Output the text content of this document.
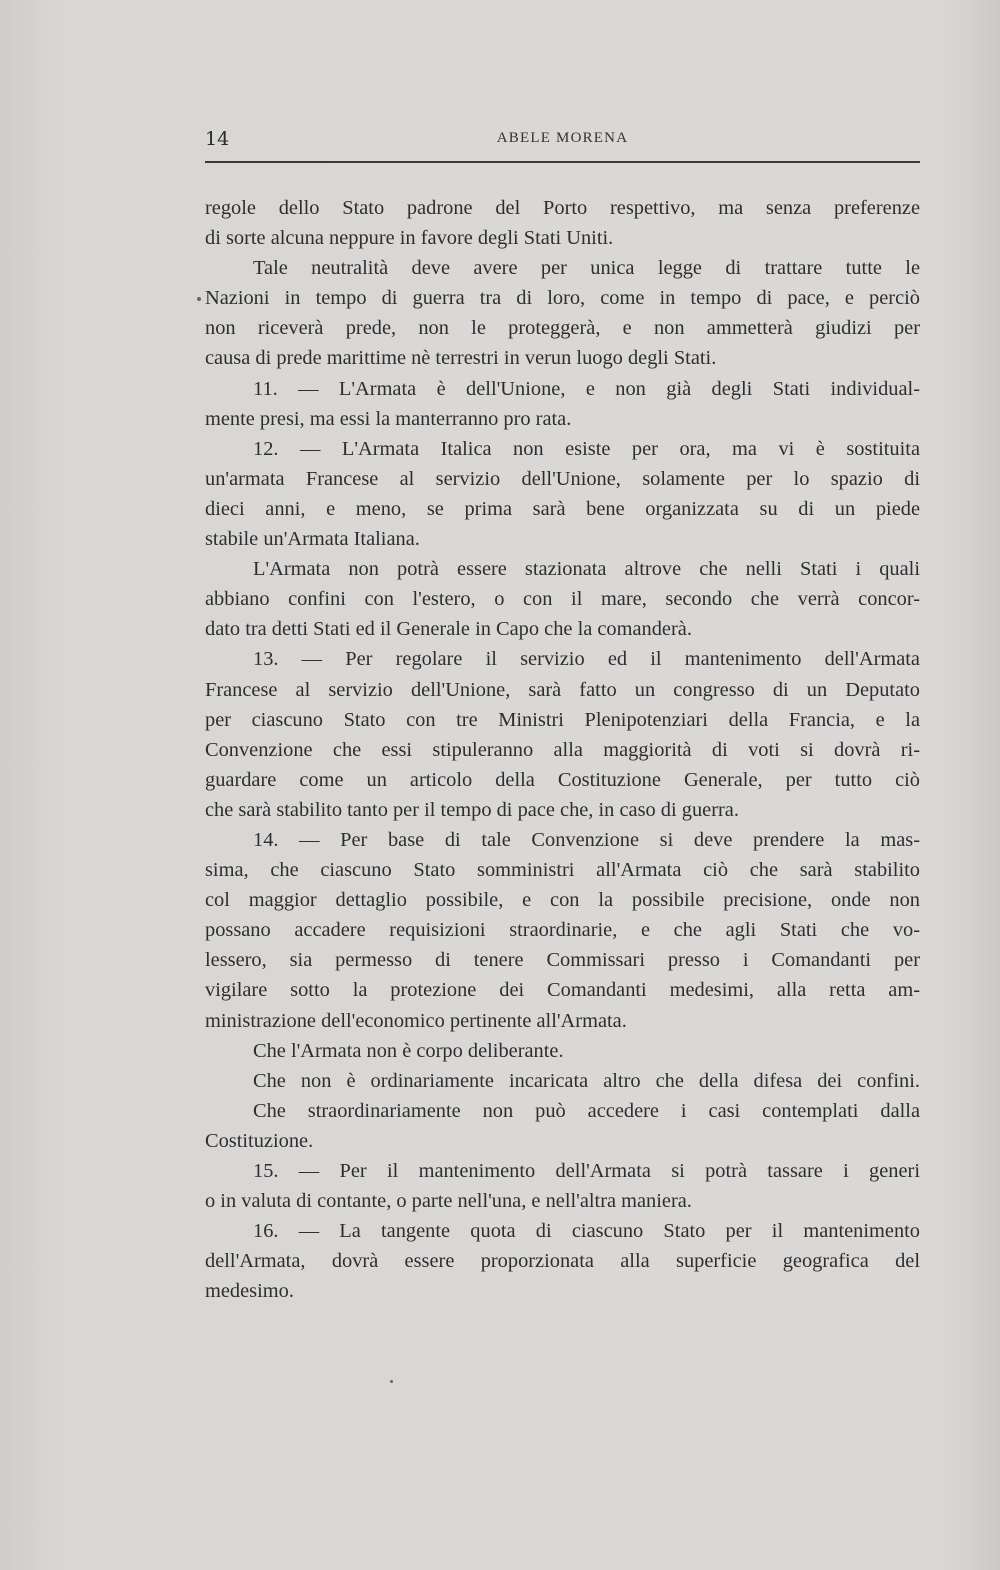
14	ABELE MORENA
regole dello Stato padrone del Porto respettivo, ma senza preferenze
di sorte alcuna neppure in favore degli Stati Uniti.
Tale neutralità deve avere per unica legge di trattare tutte le
Nazioni in tempo di guerra tra di loro, come in tempo di pace, e perciò
non riceverà prede, non le proteggerà, e non ammetterà giudizi per
causa di prede marittime nè terrestri in verun luogo degli Stati.
11. — L'Armata è dell'Unione, e non già degli Stati individual-
mente presi, ma essi la manterranno pro rata.
12. — L'Armata Italica non esiste per ora, ma vi è sostituita
un'armata Francese al servizio dell'Unione, solamente per lo spazio di
dieci anni, e meno, se prima sarà bene organizzata su di un piede
stabile un'Armata Italiana.
L'Armata non potrà essere stazionata altrove che nelli Stati i quali
abbiano confini con l'estero, o con il mare, secondo che verrà concor-
dato tra detti Stati ed il Generale in Capo che la comanderà.
13. — Per regolare il servizio ed il mantenimento dell'Armata
Francese al servizio dell'Unione, sarà fatto un congresso di un Deputato
per ciascuno Stato con tre Ministri Plenipotenziari della Francia, e la
Convenzione che essi stipuleranno alla maggiorità di voti si dovrà ri-
guardare come un articolo della Costituzione Generale, per tutto ciò
che sarà stabilito tanto per il tempo di pace che, in caso di guerra.
14. — Per base di tale Convenzione si deve prendere la mas-
sima, che ciascuno Stato somministri all'Armata ciò che sarà stabilito
col maggior dettaglio possibile, e con la possibile precisione, onde non
possano accadere requisizioni straordinarie, e che agli Stati che vo-
lessero, sia permesso di tenere Commissari presso i Comandanti per
vigilare sotto la protezione dei Comandanti medesimi, alla retta am-
ministrazione dell'economico pertinente all'Armata.
Che l'Armata non è corpo deliberante.
Che non è ordinariamente incaricata altro che della difesa dei confini.
Che straordinariamente non può accedere i casi contemplati dalla
Costituzione.
15. — Per il mantenimento dell'Armata si potrà tassare i generi
o in valuta di contante, o parte nell'una, e nell'altra maniera.
16. — La tangente quota di ciascuno Stato per il mantenimento
dell'Armata, dovrà essere proporzionata alla superficie geografica del
medesimo.
